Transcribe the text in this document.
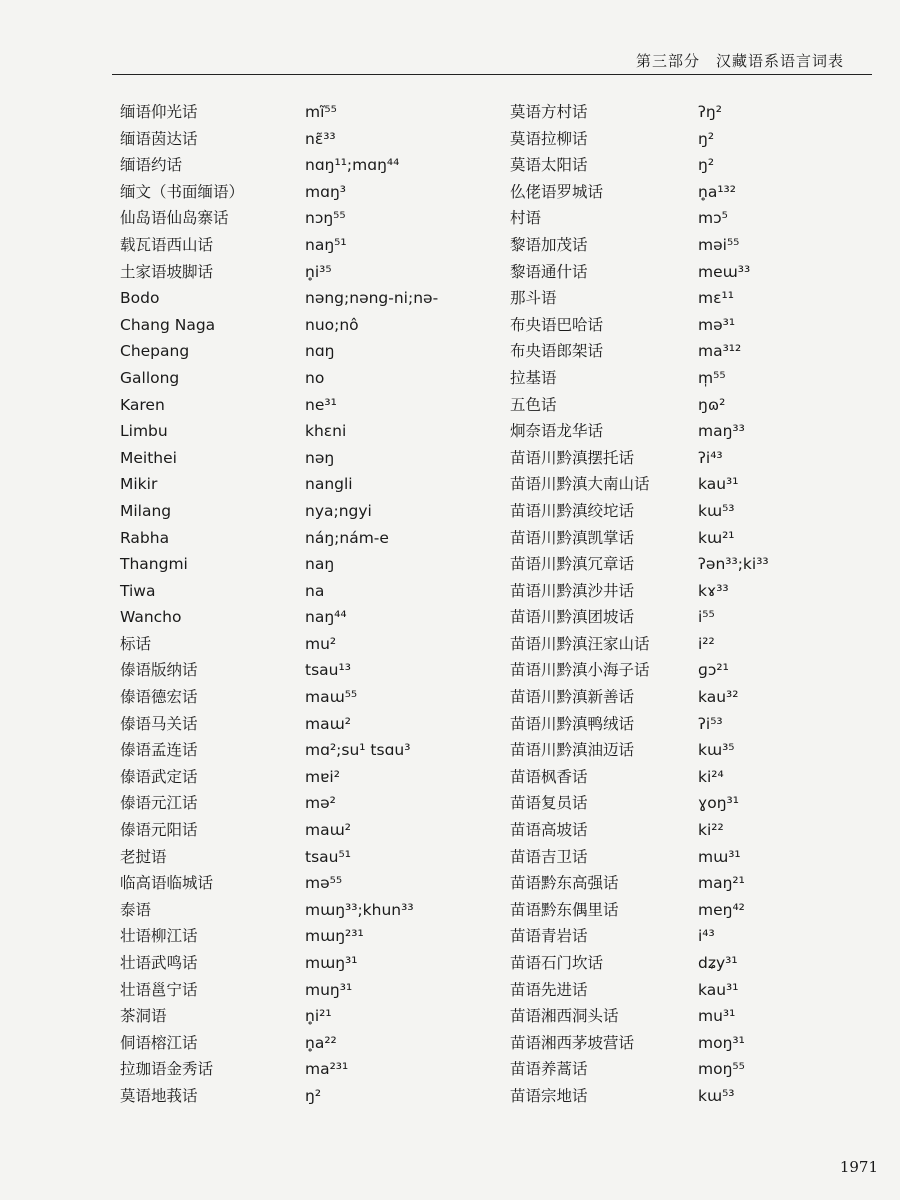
第三部分　汉藏语系语言词表
缅语仰光话	mĩ⁵⁵
缅语茵达话	nɛ̃³³
缅语约话	nɑŋ¹¹;mɑŋ⁴⁴
缅文（书面缅语）	mɑŋ³
仙岛语仙岛寨话	nɔŋ⁵⁵
载瓦语西山话	naŋ⁵¹
土家语坡脚话	n̥i³⁵
Bodo	nəng;nəng-ni;nə-
Chang Naga	nuo;nô
Chepang	nɑŋ
Gallong	no
Karen	ne³¹
Limbu	khɛni
Meithei	nəŋ
Mikir	nangli
Milang	nya;ngyi
Rabha	náŋ;nám-e
Thangmi	naŋ
Tiwa	na
Wancho	naŋ⁴⁴
标话	mu²
傣语版纳话	tsau¹³
傣语德宏话	maɯ⁵⁵
傣语马关话	maɯ²
傣语孟连话	mɑ²;su¹ tsɑu³
傣语武定话	mɐi²
傣语元江话	mə²
傣语元阳话	maɯ²
老挝语	tsau⁵¹
临高语临城话	mə⁵⁵
泰语	mɯŋ³³;khun³³
壮语柳江话	mɯŋ²³¹
壮语武鸣话	mɯŋ³¹
壮语邕宁话	muŋ³¹
茶洞语	n̥i²¹
侗语榕江话	n̥a²²
拉珈语金秀话	ma²³¹
莫语地莪话	ŋ²
莫语方村话	ʔŋ²
莫语拉柳话	ŋ²
莫语太阳话	ŋ²
仫佬语罗城话	n̥a¹³²
村语	mɔ⁵
黎语加茂话	məi⁵⁵
黎语通什话	meɯ³³
那斗语	mɛ¹¹
布央语巴哈话	mə³¹
布央语郎架话	ma³¹²
拉基语	m̩⁵⁵
五色话	ŋɷ²
炯奈语龙华话	maŋ³³
苗语川黔滇摆托话	ʔi⁴³
苗语川黔滇大南山话	kau³¹
苗语川黔滇绞坨话	kɯ⁵³
苗语川黔滇凯掌话	kɯ²¹
苗语川黔滇冗章话	ʔən³³;ki³³
苗语川黔滇沙井话	kɤ³³
苗语川黔滇团坡话	i⁵⁵
苗语川黔滇汪家山话	i²²
苗语川黔滇小海子话	ɡɔ²¹
苗语川黔滇新善话	kau³²
苗语川黔滇鸭绒话	ʔi⁵³
苗语川黔滇油迈话	kɯ³⁵
苗语枫香话	ki²⁴
苗语复员话	ɣoŋ³¹
苗语高坡话	ki²²
苗语吉卫话	mɯ³¹
苗语黔东高强话	maŋ²¹
苗语黔东偶里话	meŋ⁴²
苗语青岩话	i⁴³
苗语石门坎话	dʑy³¹
苗语先进话	kau³¹
苗语湘西洞头话	mu³¹
苗语湘西茅坡营话	moŋ³¹
苗语养蒿话	moŋ⁵⁵
苗语宗地话	kɯ⁵³
1971
